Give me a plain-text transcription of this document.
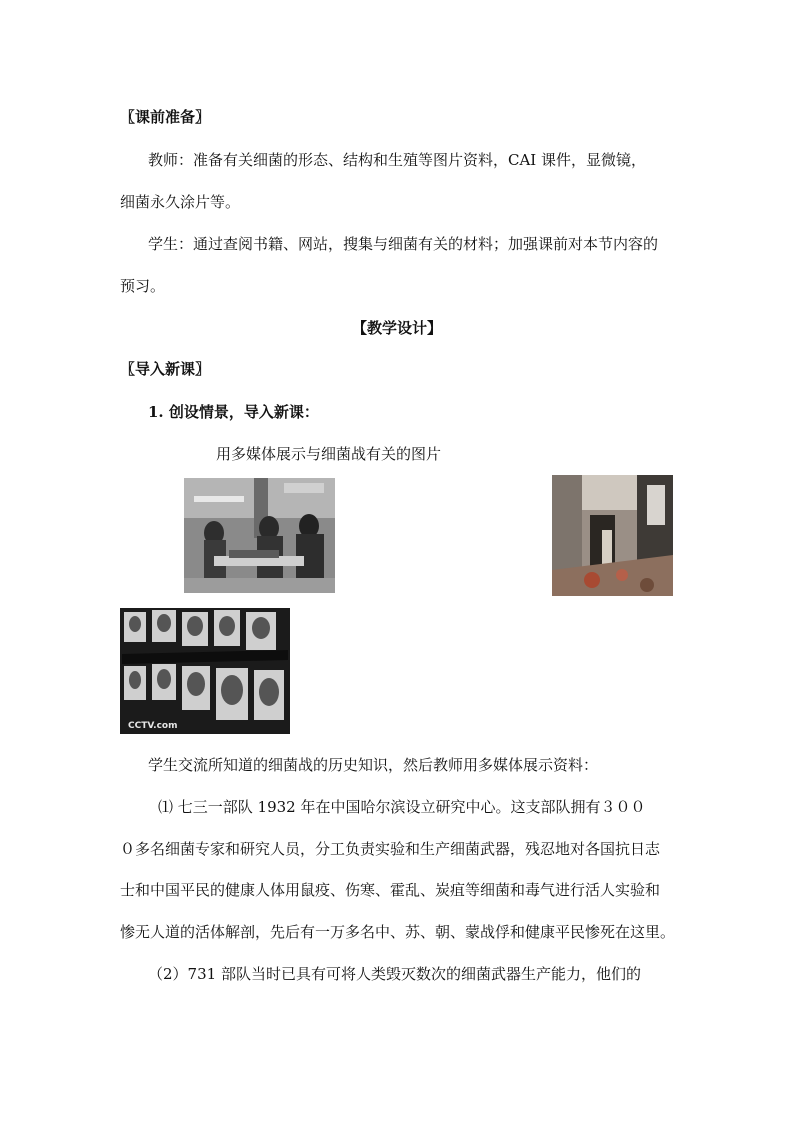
〖课前准备〗
教师：准备有关细菌的形态、结构和生殖等图片资料，CAI 课件，显微镜，
细菌永久涂片等。
学生：通过查阅书籍、网站，搜集与细菌有关的材料；加强课前对本节内容的
预习。
【教学设计】
〖导入新课〗
1. 创设情景，导入新课：
用多媒体展示与细菌战有关的图片
CCTV.com
学生交流所知道的细菌战的历史知识，然后教师用多媒体展示资料：
⑴ 七三一部队 1932 年在中国哈尔滨设立研究中心。这支部队拥有３００
０多名细菌专家和研究人员，分工负责实验和生产细菌武器，残忍地对各国抗日志
士和中国平民的健康人体用鼠疫、伤寒、霍乱、炭疽等细菌和毒气进行活人实验和
惨无人道的活体解剖，先后有一万多名中、苏、朝、蒙战俘和健康平民惨死在这里。
（2）731 部队当时已具有可将人类毁灭数次的细菌武器生产能力，他们的
